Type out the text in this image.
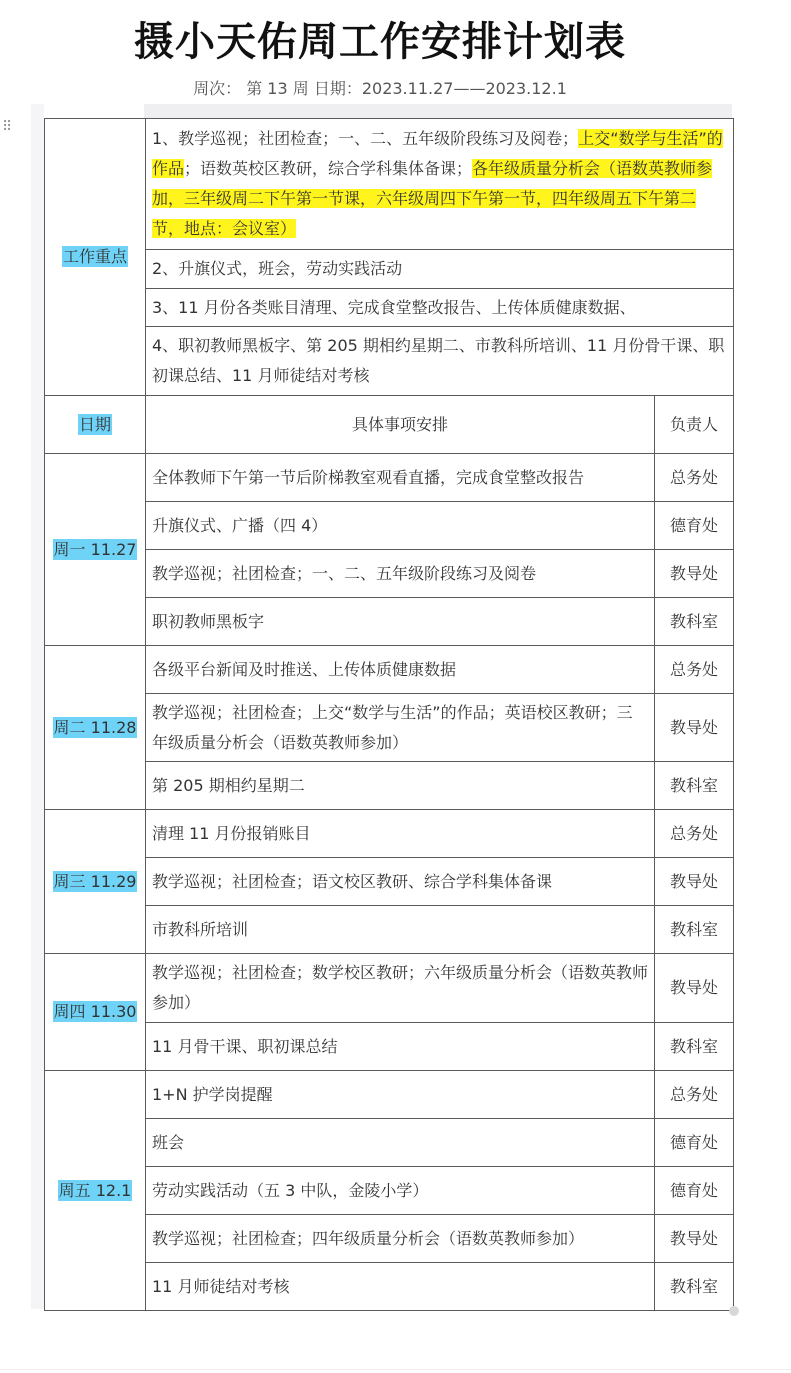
摄小天佑周工作安排计划表
周次： 第 13 周 日期：2023.11.27——2023.12.1
⠿
工作重点	1、教学巡视；社团检查；一、二、五年级阶段练习及阅卷；上交“数学与生活”的作品；语数英校区教研，综合学科集体备课；各年级质量分析会（语数英教师参加，三年级周二下午第一节课，六年级周四下午第一节，四年级周五下午第二节，地点：会议室）	
	2、升旗仪式，班会，劳动实践活动	
	3、11 月份各类账目清理、完成食堂整改报告、上传体质健康数据、	
	4、职初教师黑板字、第 205 期相约星期二、市教科所培训、11 月份骨干课、职初课总结、11 月师徒结对考核	
日期	具体事项安排	负责人
周一 11.27	全体教师下午第一节后阶梯教室观看直播，完成食堂整改报告	总务处
	升旗仪式、广播（四 4）	德育处
	教学巡视；社团检查；一、二、五年级阶段练习及阅卷	教导处
	职初教师黑板字	教科室
周二 11.28	各级平台新闻及时推送、上传体质健康数据	总务处
	教学巡视；社团检查；上交“数学与生活”的作品；英语校区教研；三年级质量分析会（语数英教师参加）	教导处
	第 205 期相约星期二	教科室
周三 11.29	清理 11 月份报销账目	总务处
	教学巡视；社团检查；语文校区教研、综合学科集体备课	教导处
	市教科所培训	教科室
周四 11.30	教学巡视；社团检查；数学校区教研；六年级质量分析会（语数英教师参加）	教导处
	11 月骨干课、职初课总结	教科室
周五 12.1	1+N 护学岗提醒	总务处
	班会	德育处
	劳动实践活动（五 3 中队，金陵小学）	德育处
	教学巡视；社团检查；四年级质量分析会（语数英教师参加）	教导处
	11 月师徒结对考核	教科室
